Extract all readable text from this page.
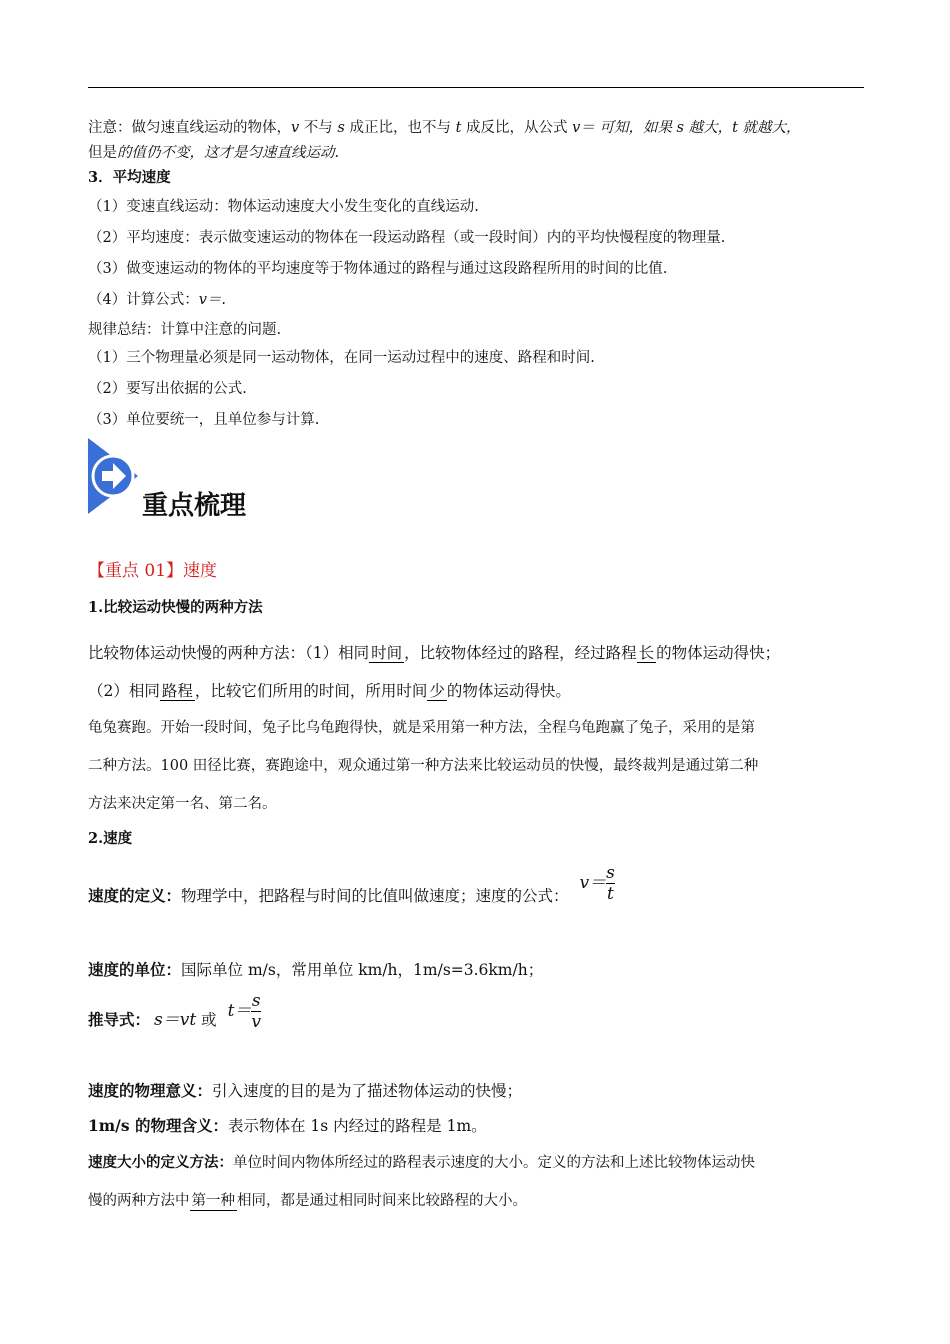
注意：做匀速直线运动的物体，v 不与 s 成正比，也不与 t 成反比，从公式 v＝ 可知，如果 s 越大，t 就越大，
但是的值仍不变，这才是匀速直线运动.
3．平均速度
（1）变速直线运动：物体运动速度大小发生变化的直线运动.
（2）平均速度：表示做变速运动的物体在一段运动路程（或一段时间）内的平均快慢程度的物理量.
（3）做变速运动的物体的平均速度等于物体通过的路程与通过这段路程所用的时间的比值.
（4）计算公式：v＝.
规律总结：计算中注意的问题.
（1）三个物理量必须是同一运动物体，在同一运动过程中的速度、路程和时间.
（2）要写出依据的公式.
（3）单位要统一，且单位参与计算.
重点梳理
【重点 01】速度
1.比较运动快慢的两种方法
比较物体运动快慢的两种方法：（1）相同 时间 ，比较物体经过的路程，经过路程 长 的物体运动得快；
（2）相同 路程 ，比较它们所用的时间，所用时间 少 的物体运动得快。
龟兔赛跑。开始一段时间，兔子比乌龟跑得快，就是采用第一种方法，全程乌龟跑赢了兔子，采用的是第
二种方法。100 田径比赛，赛跑途中，观众通过第一种方法来比较运动员的快慢，最终裁判是通过第二种
方法来决定第一名、第二名。
2.速度
速度的定义：物理学中，把路程与时间的比值叫做速度；速度的公式： $v= \frac{s}{t}$
速度的单位：国际单位 m/s，常用单位 km/h，1m/s=3.6km/h；
推导式： s＝vt 或 $t= \frac{s}{v}$
速度的物理意义：引入速度的目的是为了描述物体运动的快慢；
1m/s 的物理含义：表示物体在 1s 内经过的路程是 1m。
速度大小的定义方法：单位时间内物体所经过的路程表示速度的大小。定义的方法和上述比较物体运动快
慢的两种方法中 第一种 相同，都是通过相同时间来比较路程的大小。
